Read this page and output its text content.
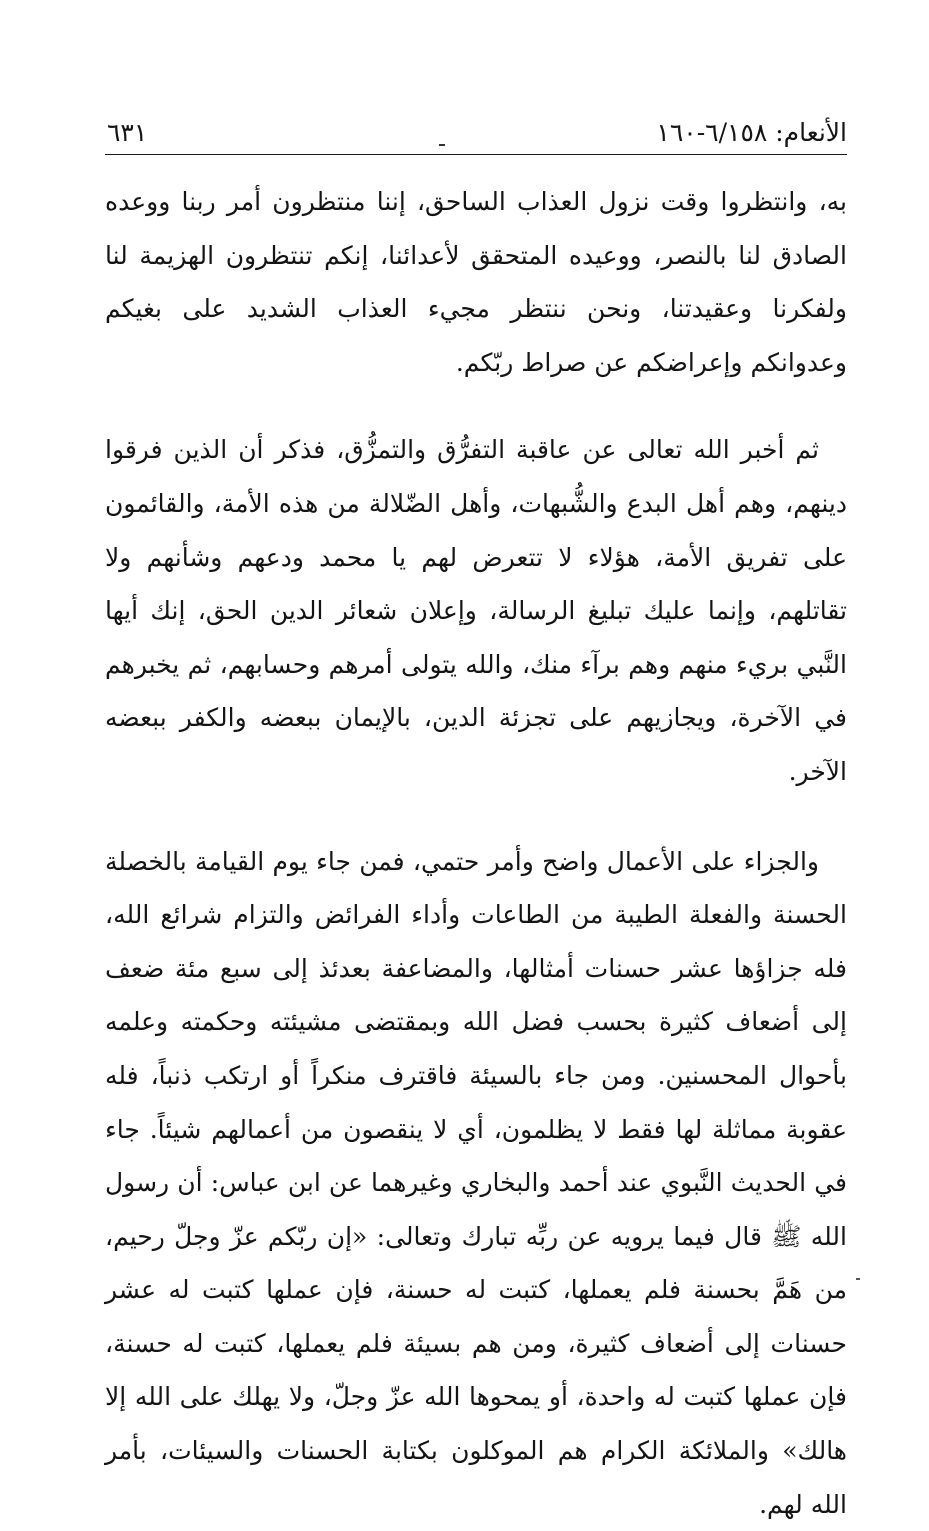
الأنعام: ٦/١٥٨-١٦٠
٦٣١

به، وانتظروا وقت نزول العذاب الساحق، إننا منتظرون أمر ربنا ووعده الصادق لنا بالنصر، ووعيده المتحقق لأعدائنا، إنكم تنتظرون الهزيمة لنا ولفكرنا وعقيدتنا، ونحن ننتظر مجيء العذاب الشديد على بغيكم وعدوانكم وإعراضكم عن صراط ربّكم.

ثم أخبر الله تعالى عن عاقبة التفرُّق والتمزُّق، فذكر أن الذين فرقوا دينهم، وهم أهل البدع والشُّبهات، وأهل الضّلالة من هذه الأمة، والقائمون على تفريق الأمة، هؤلاء لا تتعرض لهم يا محمد ودعهم وشأنهم ولا تقاتلهم، وإنما عليك تبليغ الرسالة، وإعلان شعائر الدين الحق، إنك أيها النَّبي بريء منهم وهم برآء منك، والله يتولى أمرهم وحسابهم، ثم يخبرهم في الآخرة، ويجازيهم على تجزئة الدين، بالإيمان ببعضه والكفر ببعضه الآخر.

والجزاء على الأعمال واضح وأمر حتمي، فمن جاء يوم القيامة بالخصلة الحسنة والفعلة الطيبة من الطاعات وأداء الفرائض والتزام شرائع الله، فله جزاؤها عشر حسنات أمثالها، والمضاعفة بعدئذ إلى سبع مئة ضعف إلى أضعاف كثيرة بحسب فضل الله وبمقتضى مشيئته وحكمته وعلمه بأحوال المحسنين. ومن جاء بالسيئة فاقترف منكراً أو ارتكب ذنباً، فله عقوبة مماثلة لها فقط لا يظلمون، أي لا ينقصون من أعمالهم شيئاً. جاء في الحديث النَّبوي عند أحمد والبخاري وغيرهما عن ابن عباس: أن رسول الله ﷺ قال فيما يرويه عن ربِّه تبارك وتعالى: «إن ربّكم عزّ وجلّ رحيم، من هَمَّ بحسنة فلم يعملها، كتبت له حسنة، فإن عملها كتبت له عشر حسنات إلى أضعاف كثيرة، ومن هم بسيئة فلم يعملها، كتبت له حسنة، فإن عملها كتبت له واحدة، أو يمحوها الله عزّ وجلّ، ولا يهلك على الله إلا هالك» والملائكة الكرام هم الموكلون بكتابة الحسنات والسيئات، بأمر الله لهم.
